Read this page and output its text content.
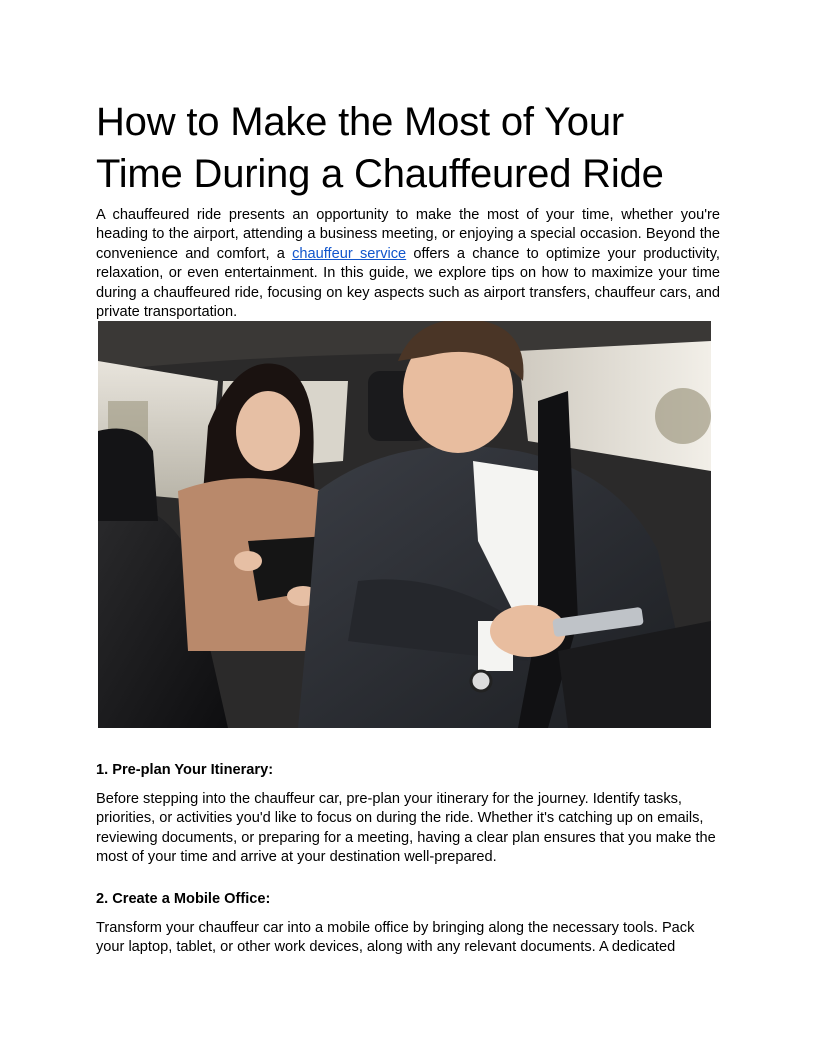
How to Make the Most of Your Time During a Chauffeured Ride

A chauffeured ride presents an opportunity to make the most of your time, whether you're heading to the airport, attending a business meeting, or enjoying a special occasion. Beyond the convenience and comfort, a chauffeur service offers a chance to optimize your productivity, relaxation, or even entertainment. In this guide, we explore tips on how to maximize your time during a chauffeured ride, focusing on key aspects such as airport transfers, chauffeur cars, and private transportation.

1. Pre-plan Your Itinerary:

Before stepping into the chauffeur car, pre-plan your itinerary for the journey. Identify tasks, priorities, or activities you'd like to focus on during the ride. Whether it's catching up on emails, reviewing documents, or preparing for a meeting, having a clear plan ensures that you make the most of your time and arrive at your destination well-prepared.

2. Create a Mobile Office:

Transform your chauffeur car into a mobile office by bringing along the necessary tools. Pack your laptop, tablet, or other work devices, along with any relevant documents. A dedicated
